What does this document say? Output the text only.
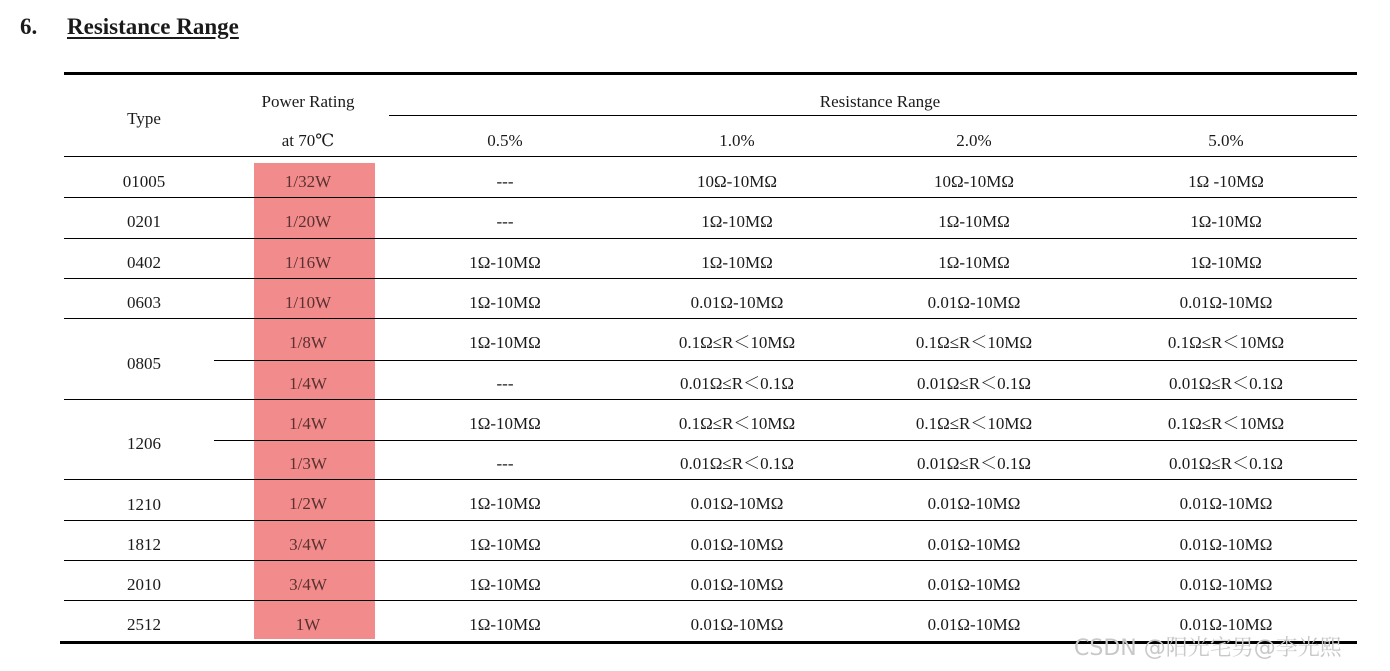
6. Resistance Range
Type
Power Rating
at 70℃
Resistance Range
0.5%	1.0%	2.0%	5.0%
01005	1/32W	---	10Ω-10MΩ	10Ω-10MΩ	1Ω -10MΩ
0201	1/20W	---	1Ω-10MΩ	1Ω-10MΩ	1Ω-10MΩ
0402	1/16W	1Ω-10MΩ	1Ω-10MΩ	1Ω-10MΩ	1Ω-10MΩ
0603	1/10W	1Ω-10MΩ	0.01Ω-10MΩ	0.01Ω-10MΩ	0.01Ω-10MΩ
0805
1/8W	1Ω-10MΩ	0.1Ω≤R＜10MΩ	0.1Ω≤R＜10MΩ	0.1Ω≤R＜10MΩ
1/4W	---	0.01Ω≤R＜0.1Ω	0.01Ω≤R＜0.1Ω	0.01Ω≤R＜0.1Ω
1206
1/4W	1Ω-10MΩ	0.1Ω≤R＜10MΩ	0.1Ω≤R＜10MΩ	0.1Ω≤R＜10MΩ
1/3W	---	0.01Ω≤R＜0.1Ω	0.01Ω≤R＜0.1Ω	0.01Ω≤R＜0.1Ω
1210	1/2W	1Ω-10MΩ	0.01Ω-10MΩ	0.01Ω-10MΩ	0.01Ω-10MΩ
1812	3/4W	1Ω-10MΩ	0.01Ω-10MΩ	0.01Ω-10MΩ	0.01Ω-10MΩ
2010	3/4W	1Ω-10MΩ	0.01Ω-10MΩ	0.01Ω-10MΩ	0.01Ω-10MΩ
2512	1W	1Ω-10MΩ	0.01Ω-10MΩ	0.01Ω-10MΩ	0.01Ω-10MΩ
CSDN @阳光宅男@李光熙
